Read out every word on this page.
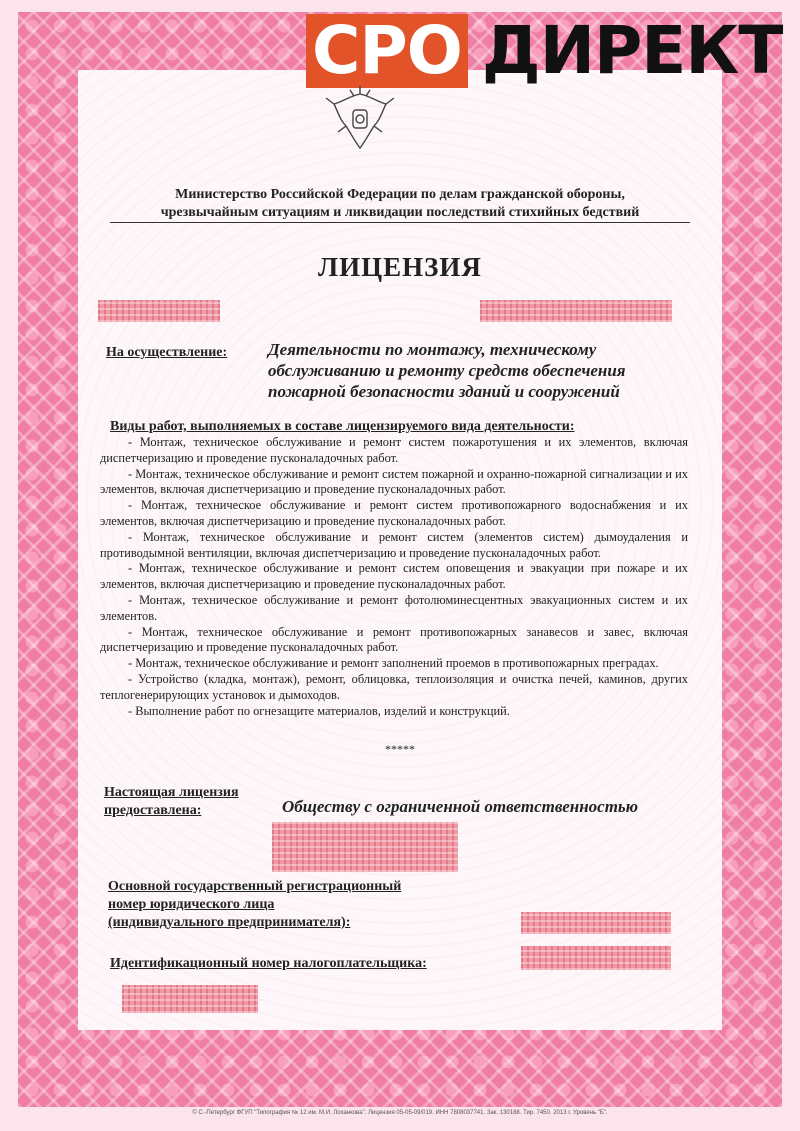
СРО ДИРЕКТ
Министерство Российской Федерации по делам гражданской обороны,
чрезвычайным ситуациям и ликвидации последствий стихийных бедствий
ЛИЦЕНЗИЯ
На осуществление: Деятельности по монтажу, техническому обслуживанию и ремонту средств обеспечения пожарной безопасности зданий и сооружений
Виды работ, выполняемых в составе лицензируемого вида деятельности:

- Монтаж, техническое обслуживание и ремонт систем пожаротушения и их элементов, включая диспетчеризацию и проведение пусконаладочных работ.

- Монтаж, техническое обслуживание и ремонт систем пожарной и охранно-пожарной сигнализации и их элементов, включая диспетчеризацию и проведение пусконаладочных работ.

- Монтаж, техническое обслуживание и ремонт систем противопожарного водоснабжения и их элементов, включая диспетчеризацию и проведение пусконаладочных работ.

- Монтаж, техническое обслуживание и ремонт систем (элементов систем) дымоудаления и противодымной вентиляции, включая диспетчеризацию и проведение пусконаладочных работ.

- Монтаж, техническое обслуживание и ремонт систем оповещения и эвакуации при пожаре и их элементов, включая диспетчеризацию и проведение пусконаладочных работ.

- Монтаж, техническое обслуживание и ремонт фотолюминесцентных эвакуационных систем и их элементов.

- Монтаж, техническое обслуживание и ремонт противопожарных занавесов и завес, включая диспетчеризацию и проведение пусконаладочных работ.

- Монтаж, техническое обслуживание и ремонт заполнений проемов в противопожарных преградах.

- Устройство (кладка, монтаж), ремонт, облицовка, теплоизоляция и очистка печей, каминов, других теплогенерирующих установок и дымоходов.

- Выполнение работ по огнезащите материалов, изделий и конструкций.

*****
Настоящая лицензия
предоставлена:	Обществу с ограниченной ответственностью
Основной государственный регистрационный
номер юридического лица
(индивидуального предпринимателя):
Идентификационный номер налогоплательщика:
© С.-Петербург ФГУП "Типография № 12 им. М.И. Лоханкова". Лицензия 05-05-09/019. ИНН 7808037741. Зак. 130188. Тир. 7450. 2013 г. Уровень "Б".
